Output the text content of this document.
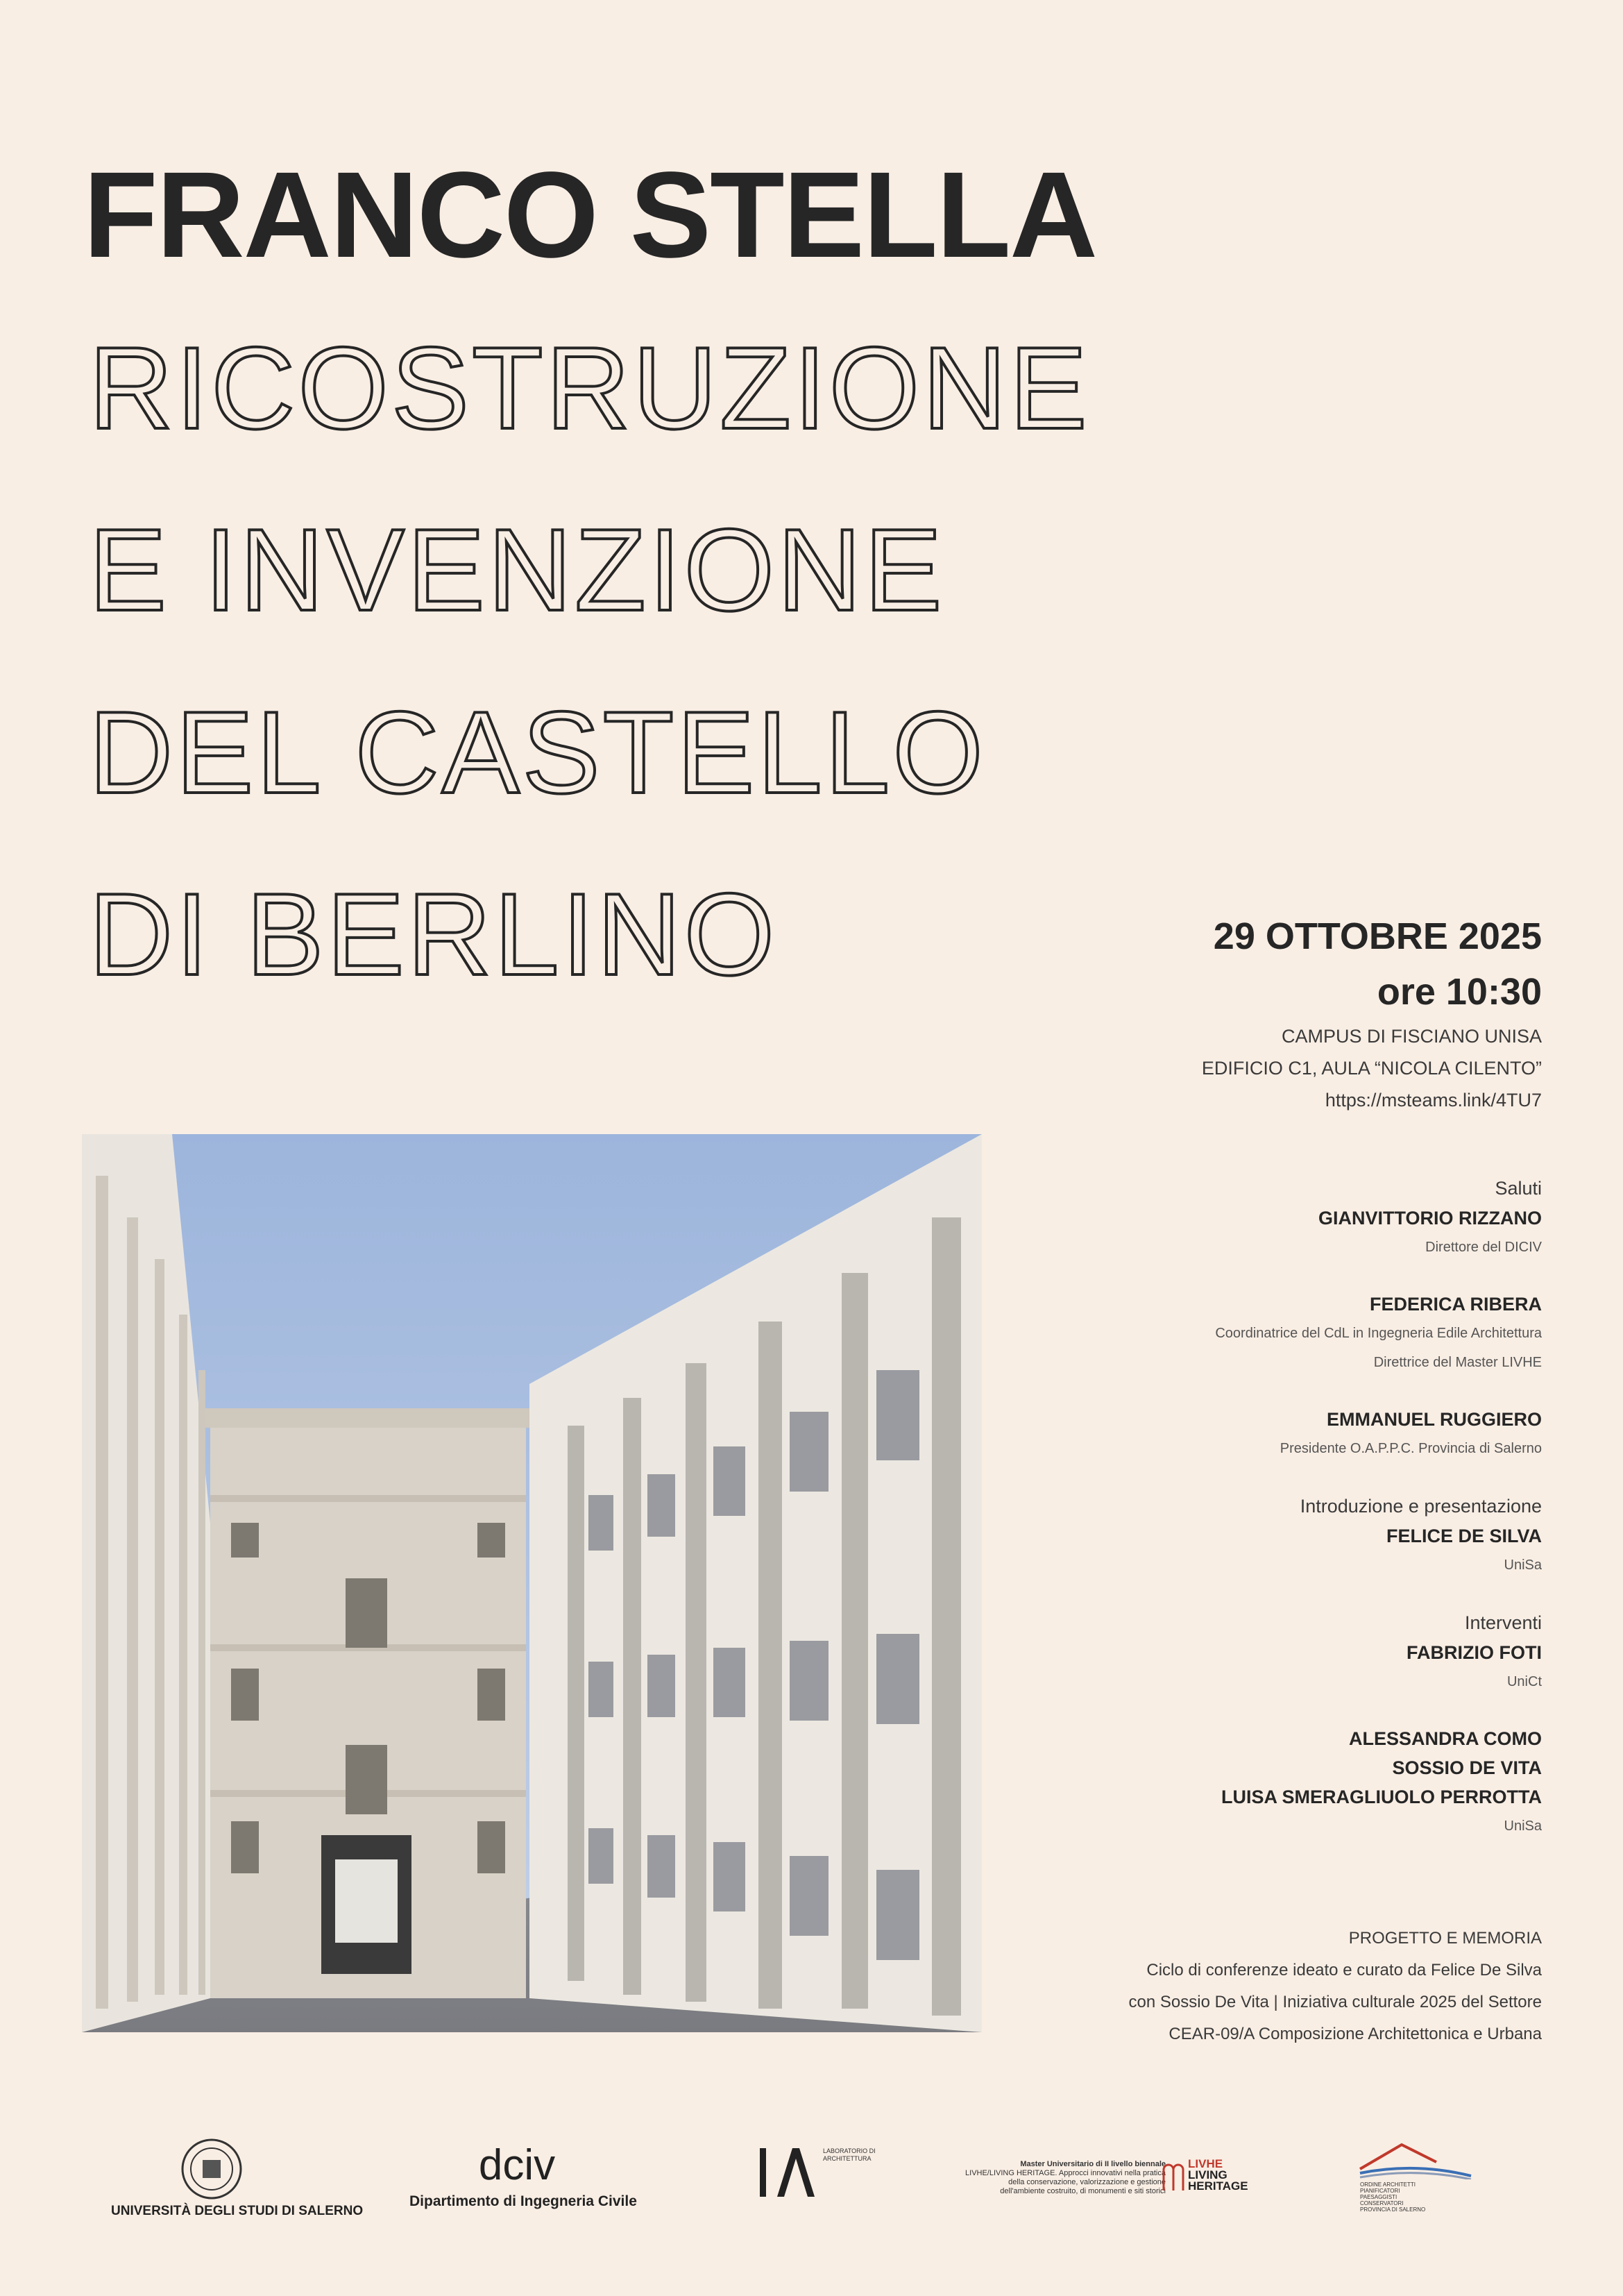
FRANCO STELLA
RICOSTRUZIONE
E INVENZIONE
DEL CASTELLO
DI BERLINO	29 OTTOBRE 2025
ore 10:30
CAMPUS DI FISCIANO UNISA
EDIFICIO C1, AULA “NICOLA CILENTO”
https://msteams.link/4TU7
Saluti
GIANVITTORIO RIZZANO
Direttore del DICIV
FEDERICA RIBERA
Coordinatrice del CdL in Ingegneria Edile Architettura
Direttrice del Master LIVHE
EMMANUEL RUGGIERO
Presidente O.A.P.P.C. Provincia di Salerno
Introduzione e presentazione
FELICE DE SILVA
UniSa
Interventi
FABRIZIO FOTI
UniCt
ALESSANDRA COMO
SOSSIO DE VITA
LUISA SMERAGLIUOLO PERROTTA
UniSa
PROGETTO E MEMORIA
Ciclo di conferenze ideato e curato da Felice De Silva
con Sossio De Vita | Iniziativa culturale 2025 del Settore
CEAR-09/A Composizione Architettonica e Urbana
UNIVERSITÀ DEGLI STUDI DI SALERNO
dciv
Dipartimento di Ingegneria Civile
LABORATORIO DI ARCHITETTURA
Master Universitario di II livello biennale
LIVHE/LIVING HERITAGE. Approcci innovativi nella pratica
della conservazione, valorizzazione e gestione
dell'ambiente costruito, di monumenti e siti storici
LIVHE
LIVING
HERITAGE	ORDINE ARCHITETTI
PIANIFICATORI
PAESAGGISTI
CONSERVATORI
PROVINCIA DI SALERNO
